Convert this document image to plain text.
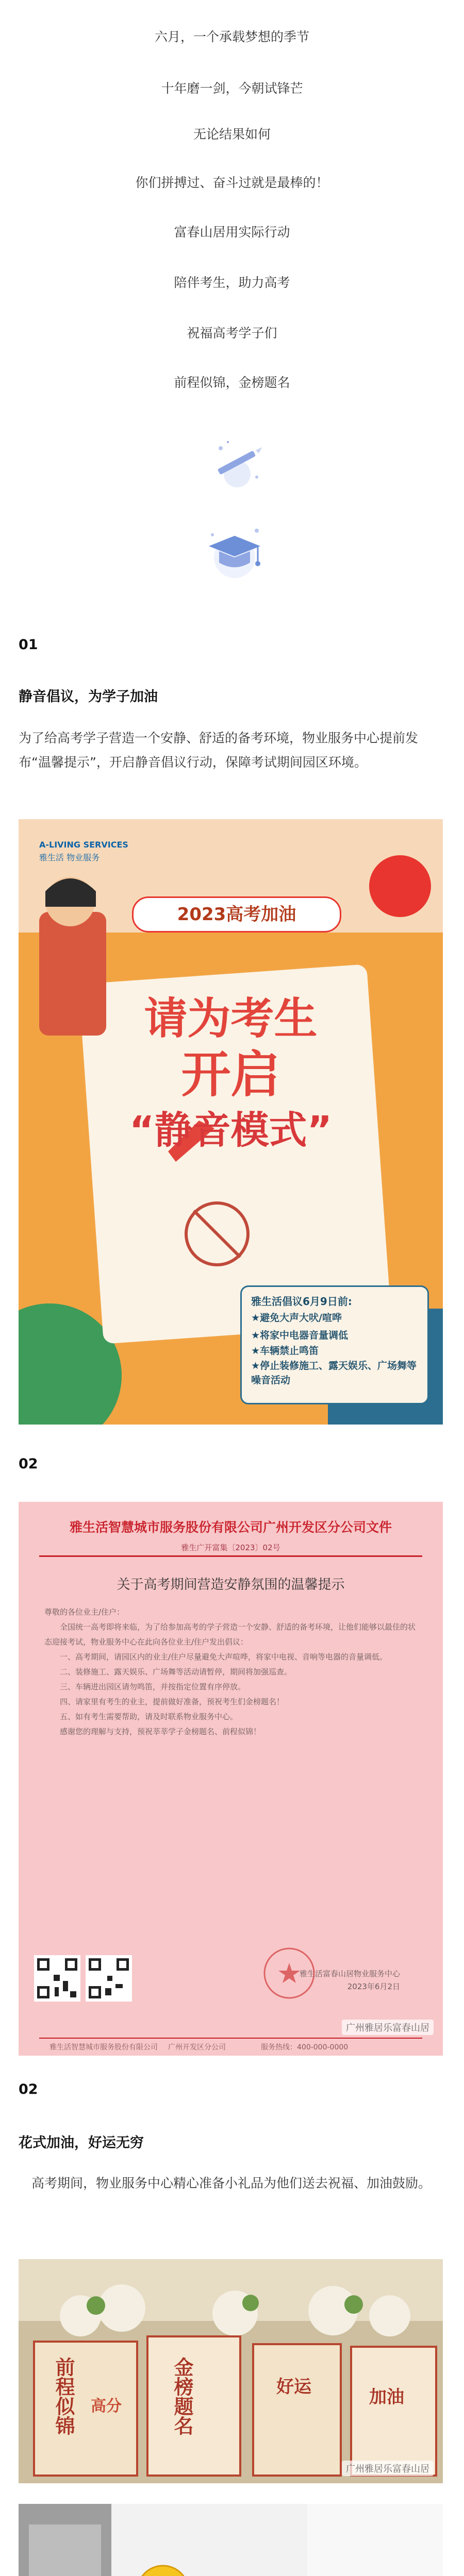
六月，一个承载梦想的季节
十年磨一剑，今朝试锋芒
无论结果如何
你们拼搏过、奋斗过就是最棒的！
富春山居用实际行动
陪伴考生，助力高考
祝福高考学子们
前程似锦，金榜题名
01
静音倡议，为学子加油
为了给高考学子营造一个安静、舒适的备考环境，物业服务中心提前发布“温馨提示”，开启静音倡议行动，保障考试期间园区环境。
A-LIVING SERVICES
雅生活 物业服务
2023高考加油
请为考生
开启
“静音模式”
雅生活倡议6月9日前:
★避免大声大吠/喧哗
★将家中电器音量调低
★车辆禁止鸣笛
★停止装修施工、露天娱乐、广场舞等噪音活动
02
雅生活智慧城市服务股份有限公司广州开发区分公司文件
雅生广开富集〔2023〕02号
关于高考期间营造安静氛围的温馨提示
尊敬的各位业主/住户：
全国统一高考即将来临，为了给参加高考的学子营造一个安静、舒适的备考环境，让他们能够以最佳的状态迎接考试，物业服务中心在此向各位业主/住户发出倡议：
一、高考期间，请园区内的业主/住户尽量避免大声喧哗，将家中电视、音响等电器的音量调低。
二、装修施工、露天娱乐、广场舞等活动请暂停，期间将加强巡查。
三、车辆进出园区请勿鸣笛，并按指定位置有序停放。
四、请家里有考生的业主，提前做好准备，预祝考生们金榜题名！
五、如有考生需要帮助，请及时联系物业服务中心。
感谢您的理解与支持，预祝莘莘学子金榜题名、前程似锦！
雅生活富春山居物业服务中心
2023年6月2日
雅生活智慧城市服务股份有限公司 广州开发区分公司	服务热线：400-000-0000
广州雅居乐富春山居
02
花式加油，好运无穷
高考期间，物业服务中心精心准备小礼品为他们送去祝福、加油鼓励。
前程似锦	金榜题名
高分
好运	加油
广州雅居乐富春山居
